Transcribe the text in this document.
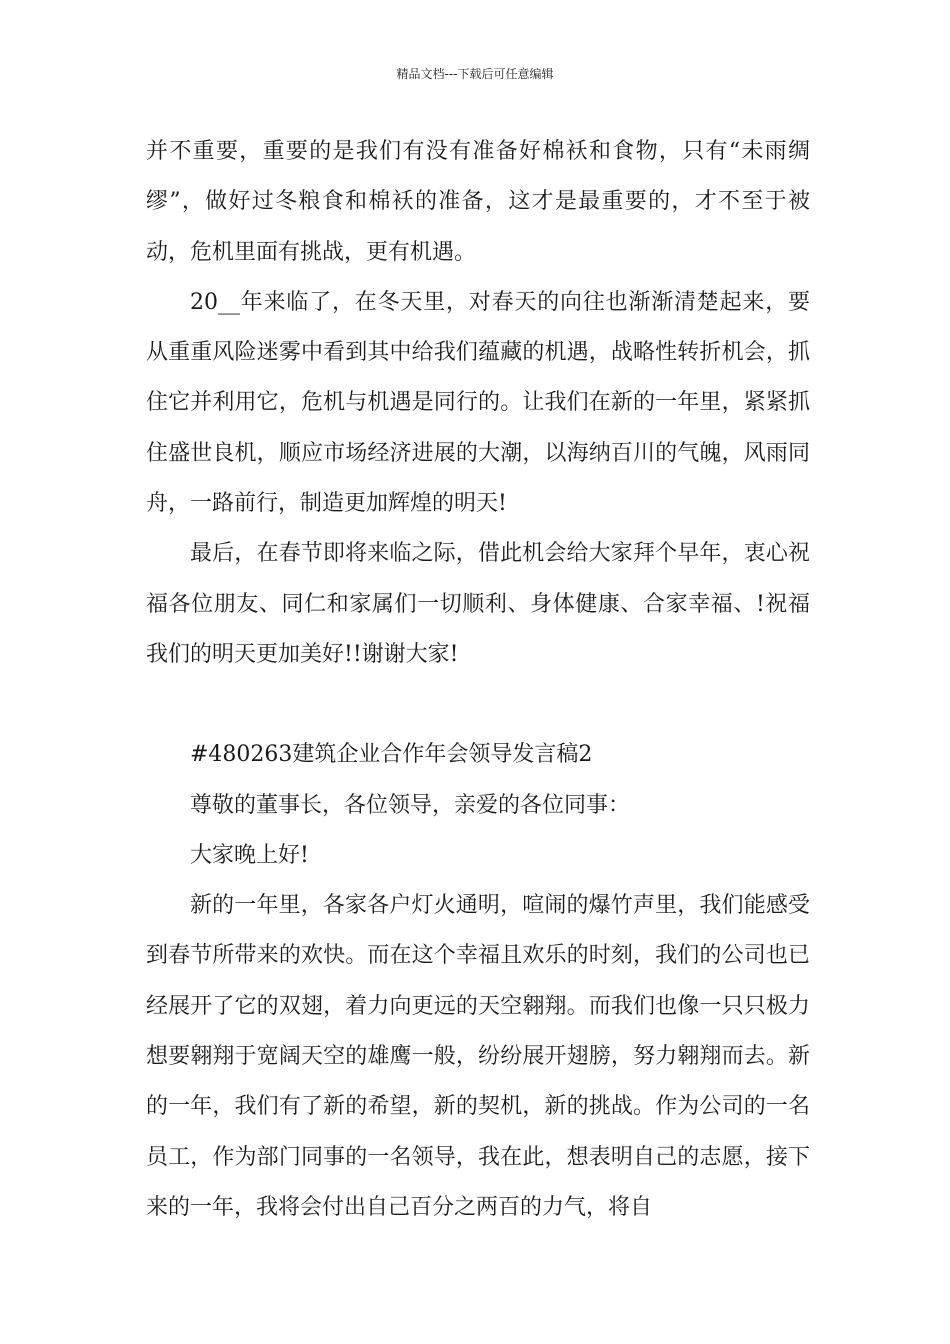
精品文档---下载后可任意编辑

并不重要，重要的是我们有没有准备好棉袄和食物，只有“未雨绸缪”，做好过冬粮食和棉袄的准备，这才是最重要的，才不至于被动，危机里面有挑战，更有机遇。

20__年来临了，在冬天里，对春天的向往也渐渐清楚起来，要从重重风险迷雾中看到其中给我们蕴藏的机遇，战略性转折机会，抓住它并利用它，危机与机遇是同行的。让我们在新的一年里，紧紧抓住盛世良机，顺应市场经济进展的大潮，以海纳百川的气魄，风雨同舟，一路前行，制造更加辉煌的明天!

最后，在春节即将来临之际，借此机会给大家拜个早年，衷心祝福各位朋友、同仁和家属们一切顺利、身体健康、合家幸福、!祝福我们的明天更加美好!!谢谢大家!

#480263建筑企业合作年会领导发言稿2

尊敬的董事长，各位领导，亲爱的各位同事：

大家晚上好!

新的一年里，各家各户灯火通明，喧闹的爆竹声里，我们能感受到春节所带来的欢快。而在这个幸福且欢乐的时刻，我们的公司也已经展开了它的双翅，着力向更远的天空翱翔。而我们也像一只只极力想要翱翔于宽阔天空的雄鹰一般，纷纷展开翅膀，努力翱翔而去。新的一年，我们有了新的希望，新的契机，新的挑战。作为公司的一名员工，作为部门同事的一名领导，我在此，想表明自己的志愿，接下来的一年，我将会付出自己百分之两百的力气，将自
